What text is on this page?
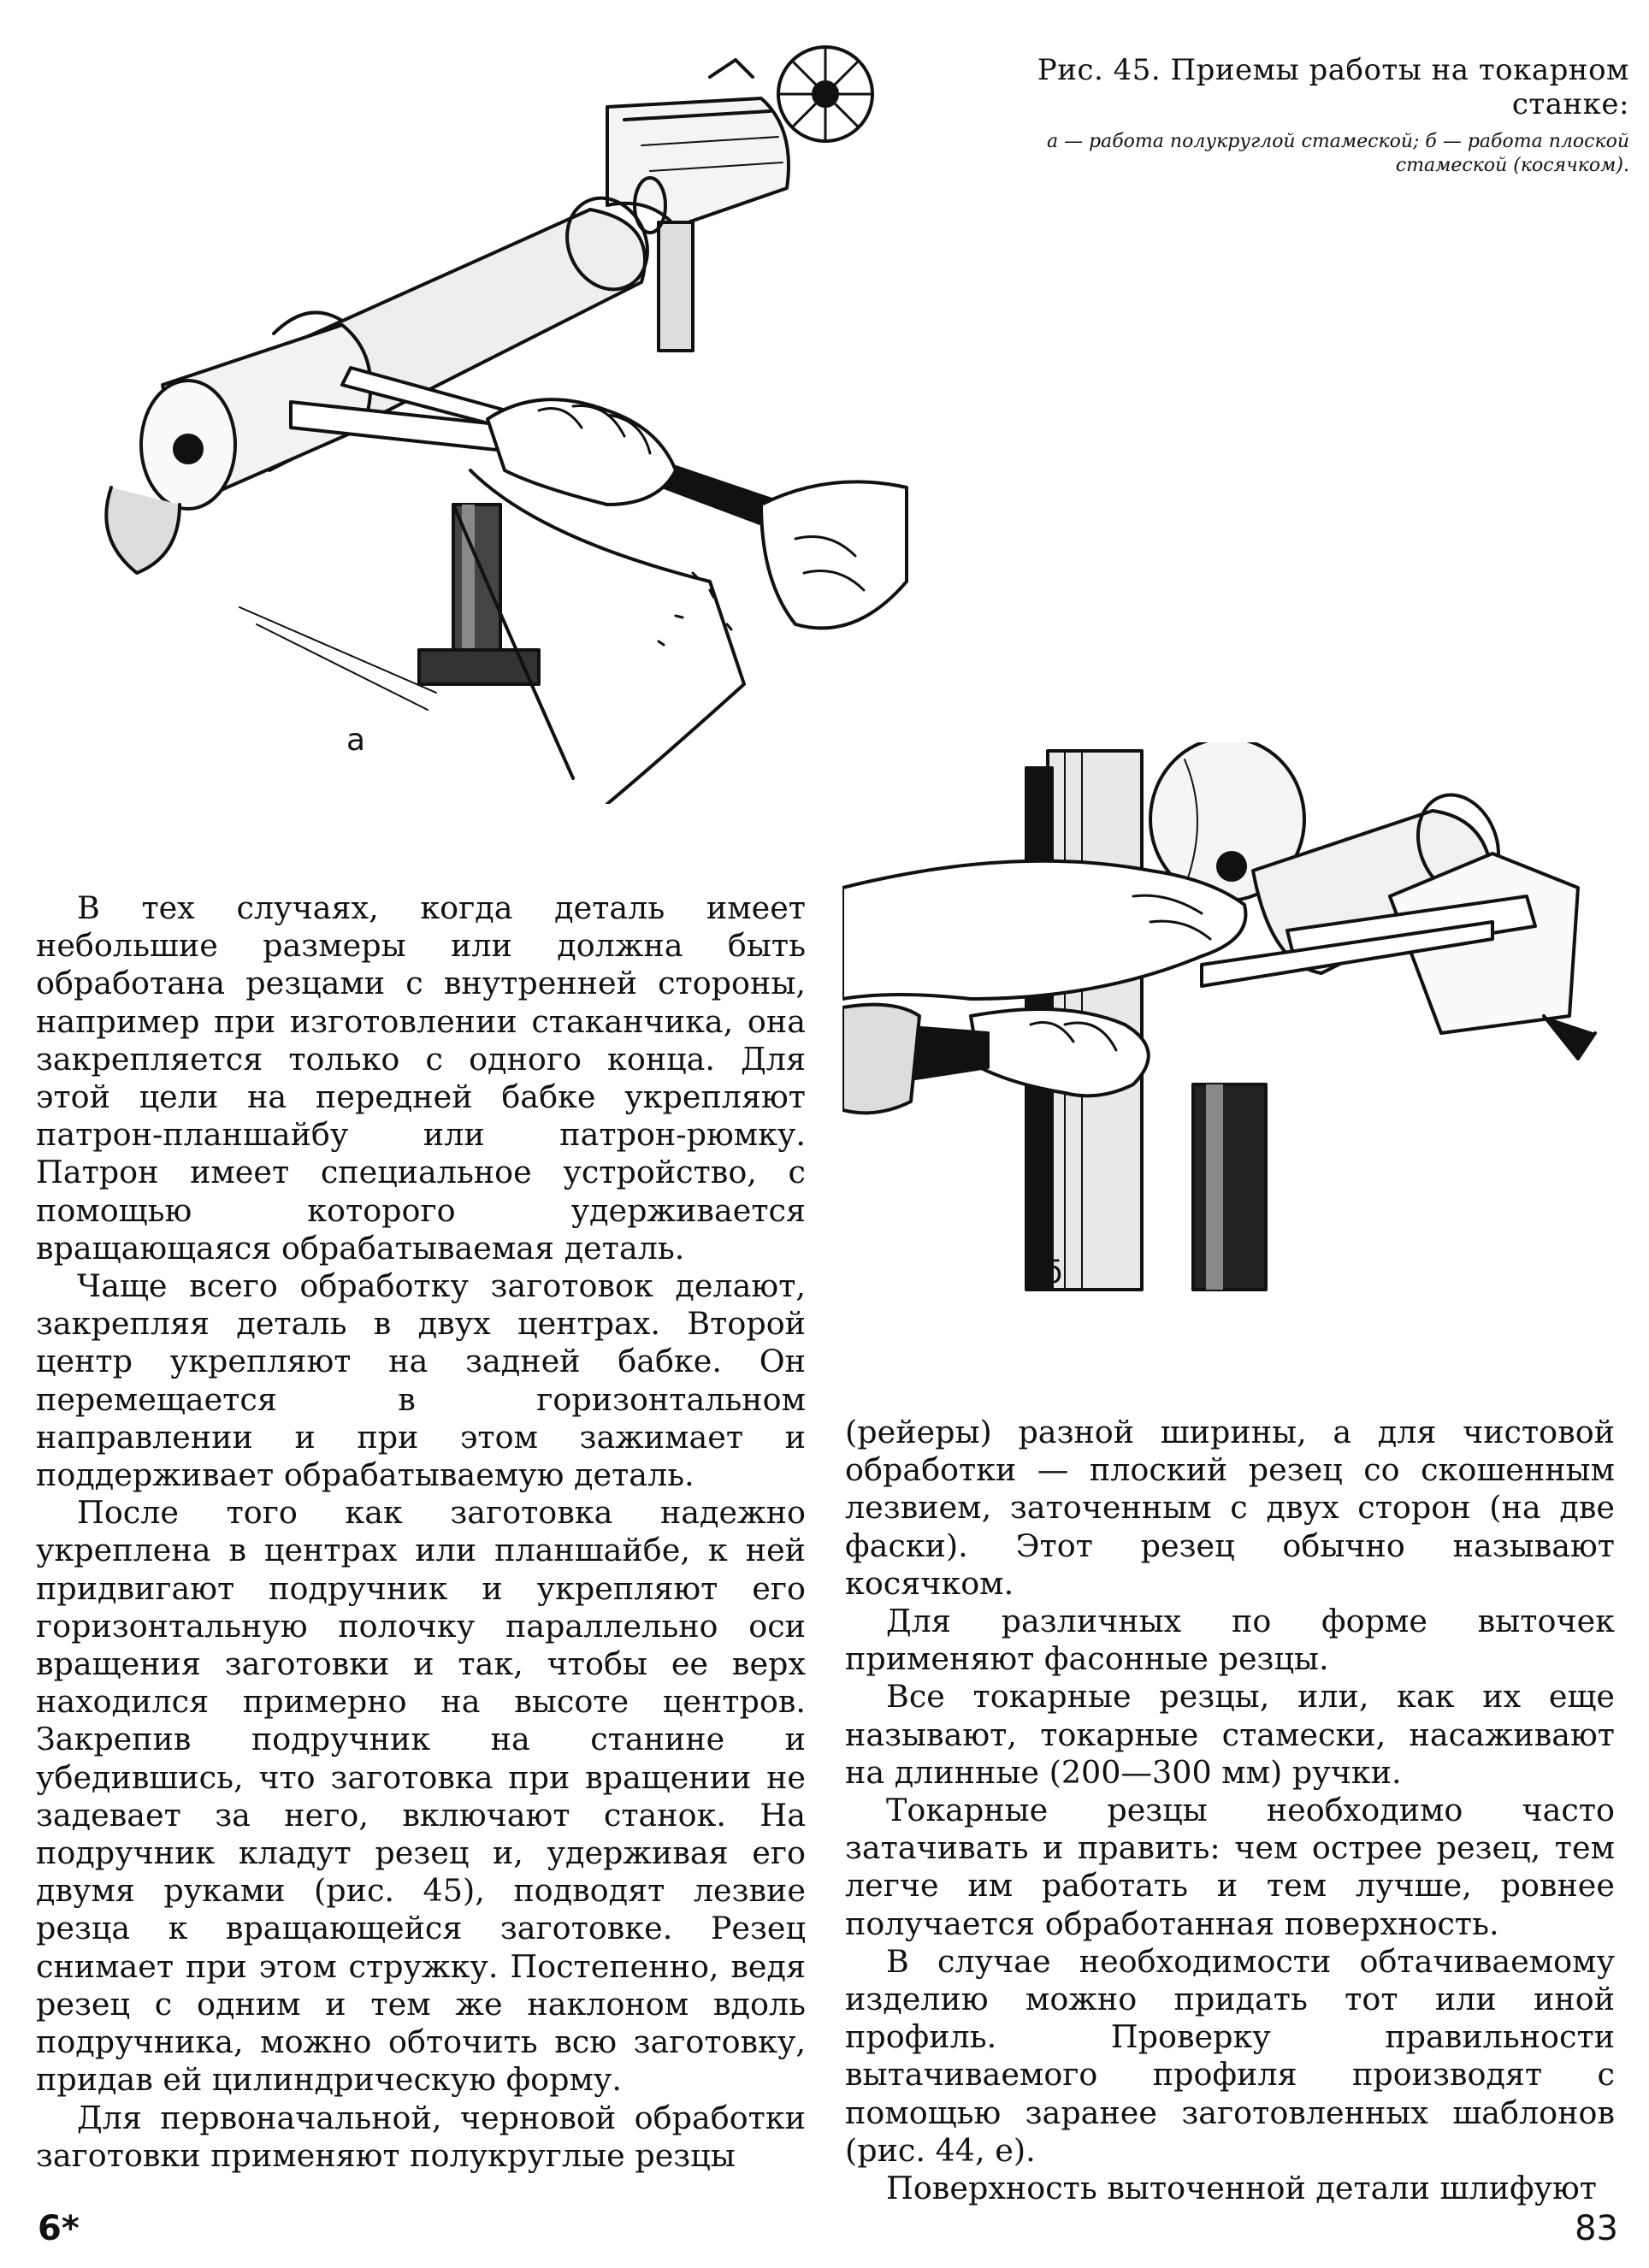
а
Рис. 45. Приемы работы на токарном станке:
а — работа полукруглой стамеской; б — работа плоской стамеской (косячком).
б

В тех случаях, когда деталь имеет небольшие размеры или должна быть обработана резцами с внутренней стороны, например при изготовлении стаканчика, она закрепляется только с одного конца. Для этой цели на передней бабке укрепляют патрон-планшайбу или патрон-рюмку. Патрон имеет специальное устройство, с помощью которого удерживается вращающаяся обрабатываемая деталь.

Чаще всего обработку заготовок делают, закрепляя деталь в двух центрах. Второй центр укрепляют на задней бабке. Он перемещается в горизонтальном направлении и при этом зажимает и поддерживает обрабатываемую деталь.

После того как заготовка надежно укреплена в центрах или планшайбе, к ней придвигают подручник и укрепляют его горизонтальную полочку параллельно оси вращения заготовки и так, чтобы ее верх находился примерно на высоте центров. Закрепив подручник на станине и убедившись, что заготовка при вращении не задевает за него, включают станок. На подручник кладут резец и, удерживая его двумя руками (рис. 45), подводят лезвие резца к вращающейся заготовке. Резец снимает при этом стружку. Постепенно, ведя резец с одним и тем же наклоном вдоль подручника, можно обточить всю заготовку, придав ей цилиндрическую форму.

Для первоначальной, черновой обработки заготовки применяют полукруглые резцы

(рейеры) разной ширины, а для чистовой обработки — плоский резец со скошенным лезвием, заточенным с двух сторон (на две фаски). Этот резец обычно называют косячком.

Для различных по форме выточек применяют фасонные резцы.

Все токарные резцы, или, как их еще называют, токарные стамески, насаживают на длинные (200—300 мм) ручки.

Токарные резцы необходимо часто затачивать и править: чем острее резец, тем легче им работать и тем лучше, ровнее получается обработанная поверхность.

В случае необходимости обтачиваемому изделию можно придать тот или иной профиль. Проверку правильности вытачиваемого профиля производят с помощью заранее заготовленных шаблонов (рис. 44, е).

Поверхность выточенной детали шлифуют

6*	83
